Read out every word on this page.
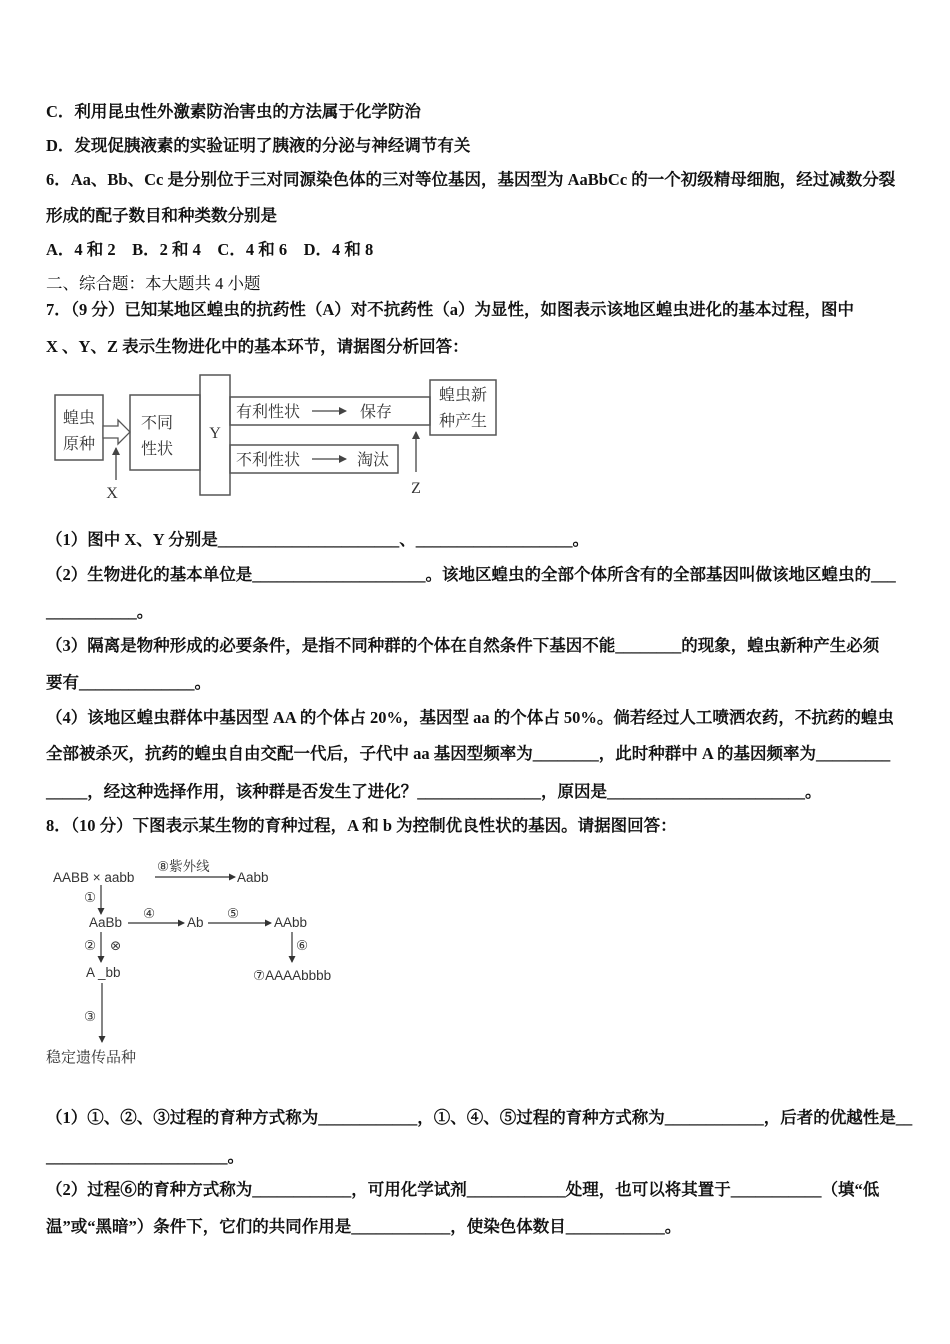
C．利用昆虫性外激素防治害虫的方法属于化学防治
D．发现促胰液素的实验证明了胰液的分泌与神经调节有关
6．Aa、Bb、Cc 是分别位于三对同源染色体的三对等位基因，基因型为 AaBbCc 的一个初级精母细胞，经过减数分裂
形成的配子数目和种类数分别是
A．4 和 2　B．2 和 4　C．4 和 6　D．4 和 8
二、综合题：本大题共 4 小题
7．（9 分）已知某地区蝗虫的抗药性（A）对不抗药性（a）为显性，如图表示该地区蝗虫进化的基本过程，图中
X 、Y、Z 表示生物进化中的基本环节，请据图分析回答：
蝗虫
原种
不同
性状
X
Y
有利性状	保存
不利性状	淘汰
蝗虫新
种产生
Z
（1）图中 X、Y 分别是______________________、___________________。
（2）生物进化的基本单位是_____________________。该地区蝗虫的全部个体所含有的全部基因叫做该地区蝗虫的___
___________。
（3）隔离是物种形成的必要条件，是指不同种群的个体在自然条件下基因不能________的现象，蝗虫新种产生必须
要有______________。
（4）该地区蝗虫群体中基因型 AA 的个体占 20%，基因型 aa 的个体占 50%。倘若经过人工喷洒农药，不抗药的蝗虫
全部被杀灭，抗药的蝗虫自由交配一代后，子代中 aa 基因型频率为________，此时种群中 A 的基因频率为_________
_____，经这种选择作用，该种群是否发生了进化？_______________，原因是________________________。
8．（10 分）下图表示某生物的育种过程，A 和 b 为控制优良性状的基因。请据图回答：
AABB × aabb
⑧紫外线
Aabb
①
AaBb
④
Ab
⑤
AAbb
② ⊗	⑥
A _bb	⑦AAAAbbbb
③
稳定遗传品种
（1）①、②、③过程的育种方式称为____________，①、④、⑤过程的育种方式称为____________，后者的优越性是__
______________________。
（2）过程⑥的育种方式称为____________，可用化学试剂____________处理，也可以将其置于___________（填“低
温”或“黑暗”）条件下，它们的共同作用是____________，使染色体数目____________。
